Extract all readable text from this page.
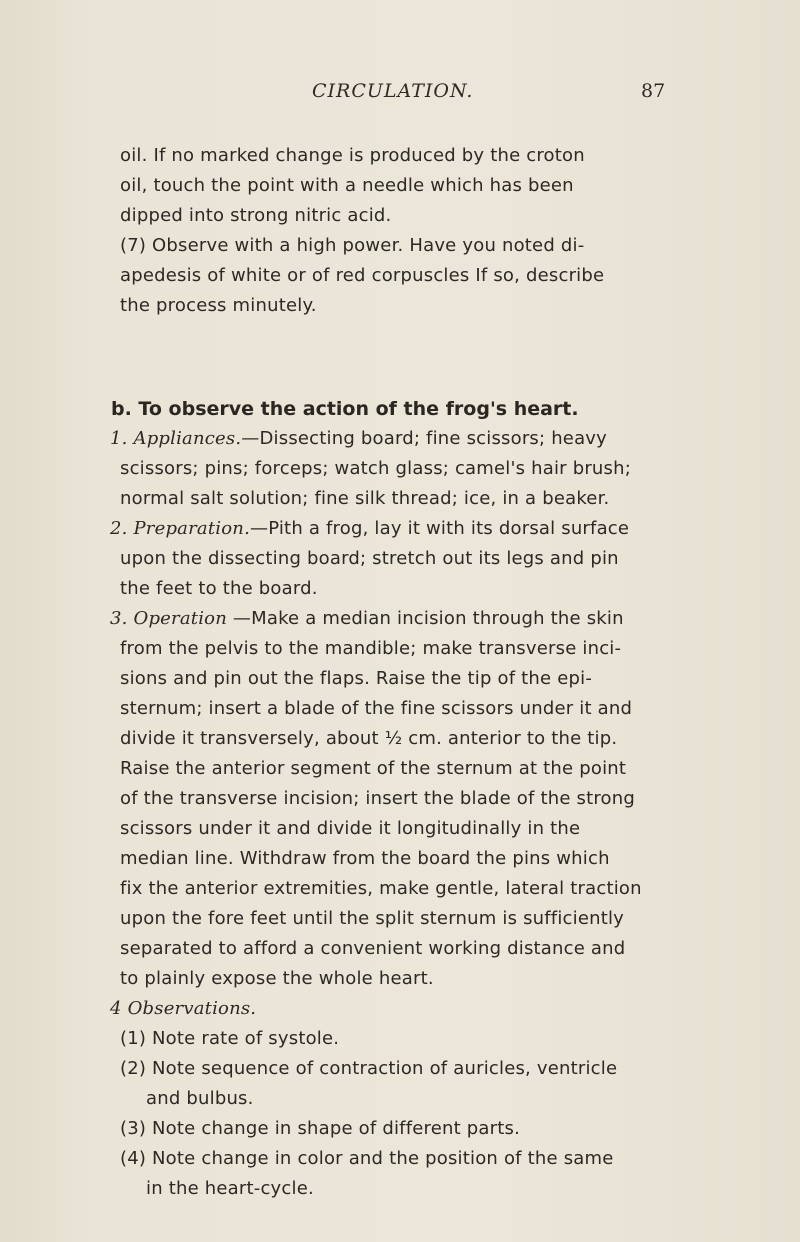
CIRCULATION.	87
oil. If no marked change is produced by the croton
oil, touch the point with a needle which has been
dipped into strong nitric acid.
(7) Observe with a high power. Have you noted di-
apedesis of white or of red corpuscles If so, describe
the process minutely.
b. To observe the action of the frog's heart.
1. Appliances.—Dissecting board; fine scissors; heavy
scissors; pins; forceps; watch glass; camel's hair brush;
normal salt solution; fine silk thread; ice, in a beaker.
2. Preparation.—Pith a frog, lay it with its dorsal surface
upon the dissecting board; stretch out its legs and pin
the feet to the board.
3. Operation —Make a median incision through the skin
from the pelvis to the mandible; make transverse inci-
sions and pin out the flaps. Raise the tip of the epi-
sternum; insert a blade of the fine scissors under it and
divide it transversely, about ½ cm. anterior to the tip.
Raise the anterior segment of the sternum at the point
of the transverse incision; insert the blade of the strong
scissors under it and divide it longitudinally in the
median line. Withdraw from the board the pins which
fix the anterior extremities, make gentle, lateral traction
upon the fore feet until the split sternum is sufficiently
separated to afford a convenient working distance and
to plainly expose the whole heart.
4 Observations.
(1) Note rate of systole.
(2) Note sequence of contraction of auricles, ventricle
and bulbus.
(3) Note change in shape of different parts.
(4) Note change in color and the position of the same
in the heart-cycle.
